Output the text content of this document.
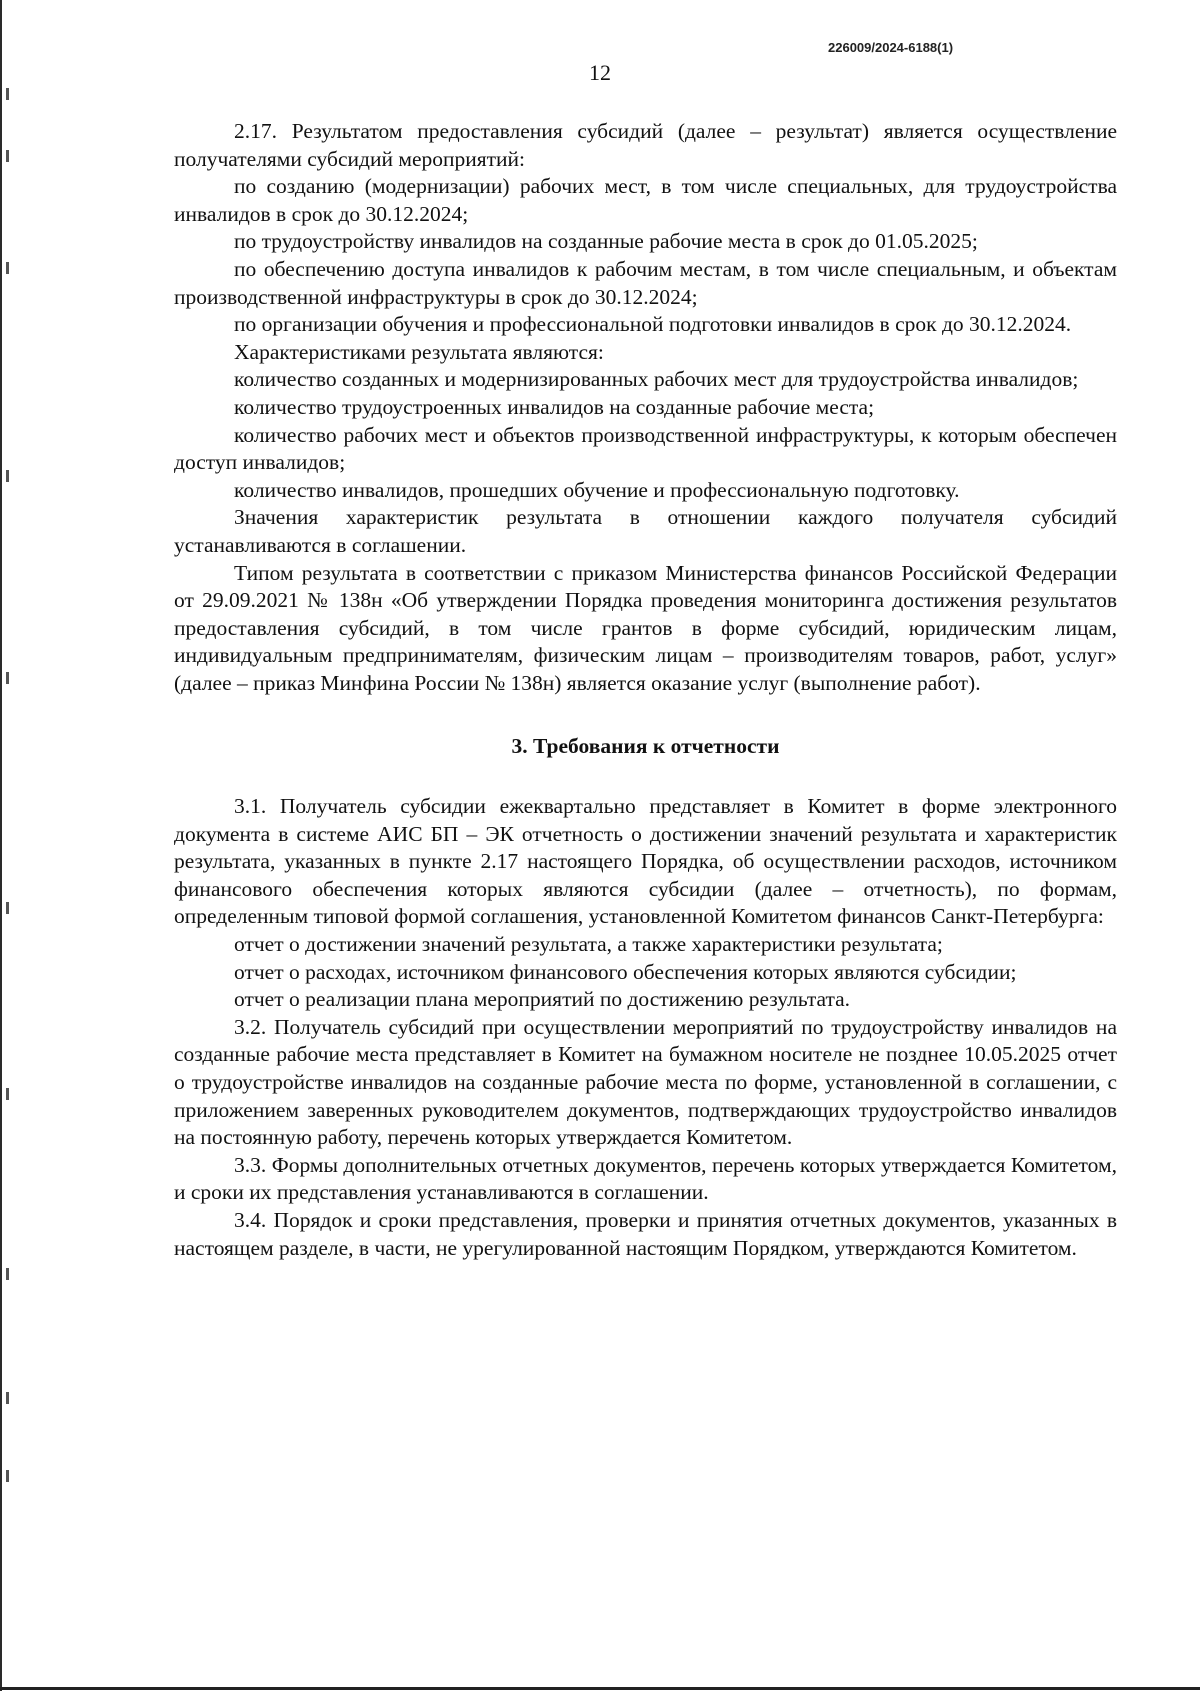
226009/2024-6188(1)
12

2.17. Результатом предоставления субсидий (далее – результат) является осуществление получателями субсидий мероприятий:

по созданию (модернизации) рабочих мест, в том числе специальных, для трудоустройства инвалидов в срок до 30.12.2024;

по трудоустройству инвалидов на созданные рабочие места в срок до 01.05.2025;

по обеспечению доступа инвалидов к рабочим местам, в том числе специальным, и объектам производственной инфраструктуры в срок до 30.12.2024;

по организации обучения и профессиональной подготовки инвалидов в срок до 30.12.2024.

Характеристиками результата являются:

количество созданных и модернизированных рабочих мест для трудоустройства инвалидов;

количество трудоустроенных инвалидов на созданные рабочие места;

количество рабочих мест и объектов производственной инфраструктуры, к которым обеспечен доступ инвалидов;

количество инвалидов, прошедших обучение и профессиональную подготовку.

Значения характеристик результата в отношении каждого получателя субсидий устанавливаются в соглашении.

Типом результата в соответствии с приказом Министерства финансов Российской Федерации от 29.09.2021 № 138н «Об утверждении Порядка проведения мониторинга достижения результатов предоставления субсидий, в том числе грантов в форме субсидий, юридическим лицам, индивидуальным предпринимателям, физическим лицам – производителям товаров, работ, услуг» (далее – приказ Минфина России № 138н) является оказание услуг (выполнение работ).

3. Требования к отчетности

3.1. Получатель субсидии ежеквартально представляет в Комитет в форме электронного документа в системе АИС БП – ЭК отчетность о достижении значений результата и характеристик результата, указанных в пункте 2.17 настоящего Порядка, об осуществлении расходов, источником финансового обеспечения которых являются субсидии (далее – отчетность), по формам, определенным типовой формой соглашения, установленной Комитетом финансов Санкт-Петербурга:

отчет о достижении значений результата, а также характеристики результата;

отчет о расходах, источником финансового обеспечения которых являются субсидии;

отчет о реализации плана мероприятий по достижению результата.

3.2. Получатель субсидий при осуществлении мероприятий по трудоустройству инвалидов на созданные рабочие места представляет в Комитет на бумажном носителе не позднее 10.05.2025 отчет о трудоустройстве инвалидов на созданные рабочие места по форме, установленной в соглашении, с приложением заверенных руководителем документов, подтверждающих трудоустройство инвалидов на постоянную работу, перечень которых утверждается Комитетом.

3.3. Формы дополнительных отчетных документов, перечень которых утверждается Комитетом, и сроки их представления устанавливаются в соглашении.

3.4. Порядок и сроки представления, проверки и принятия отчетных документов, указанных в настоящем разделе, в части, не урегулированной настоящим Порядком, утверждаются Комитетом.
